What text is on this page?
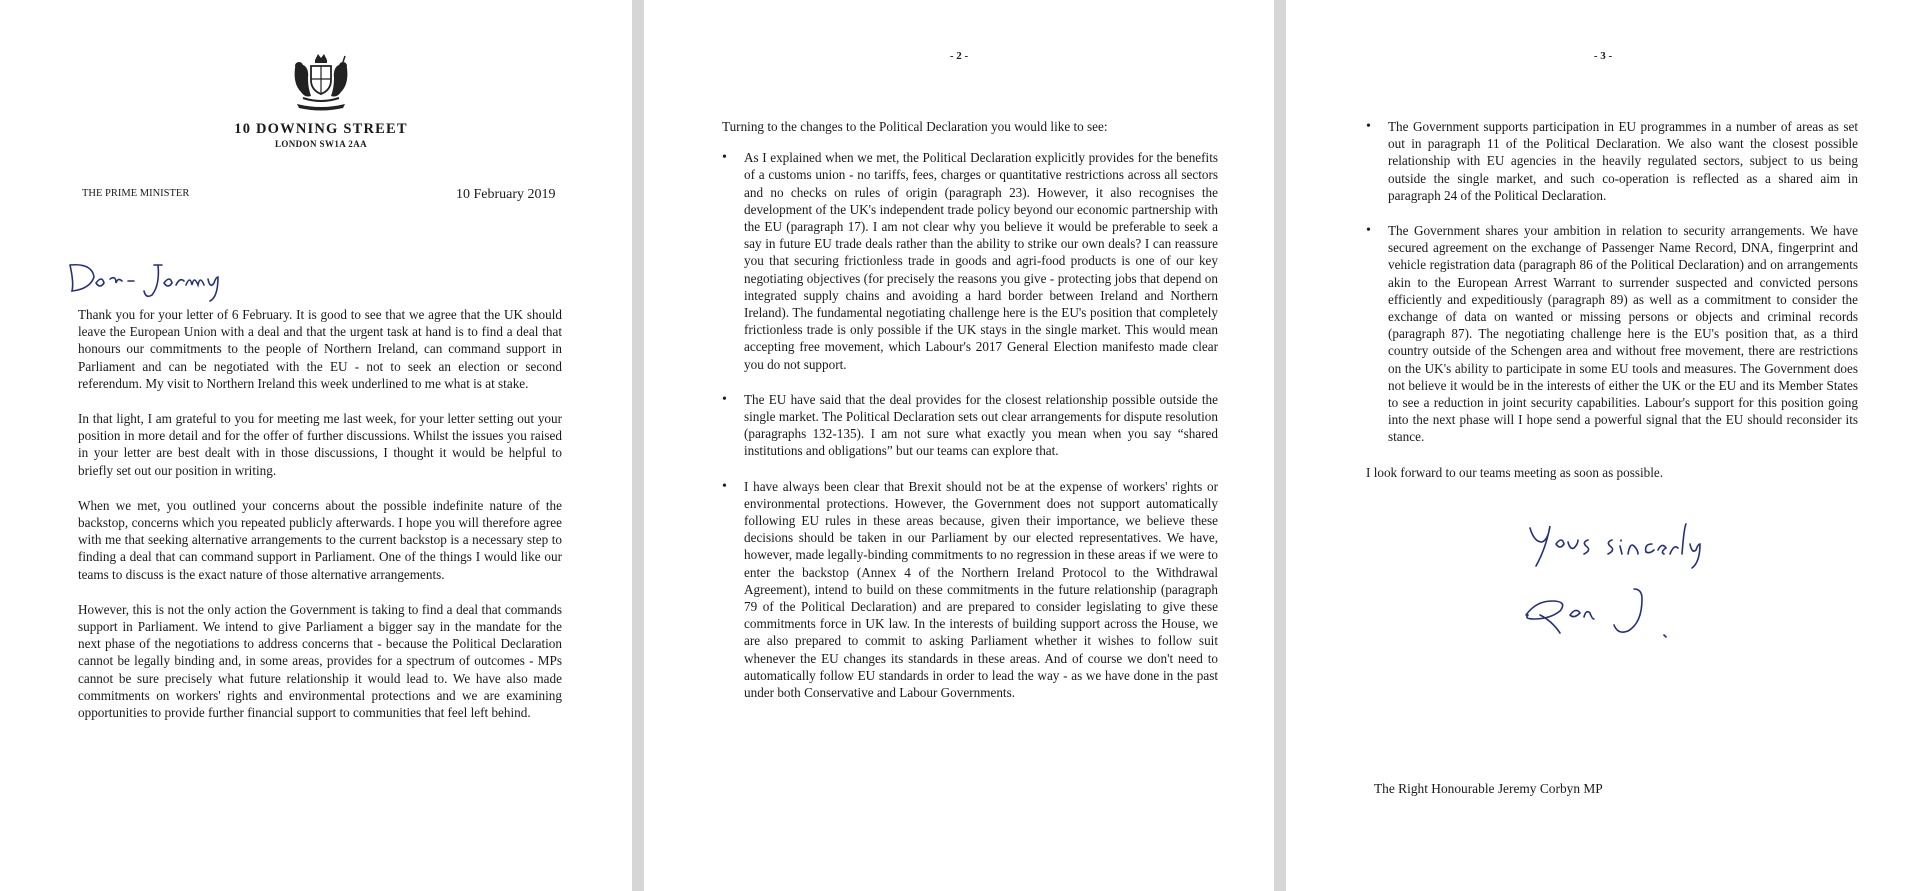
10 DOWNING STREET
LONDON SW1A 2AA
THE PRIME MINISTER	10 February 2019

Thank you for your letter of 6 February. It is good to see that we agree that the UK should leave the European Union with a deal and that the urgent task at hand is to find a deal that honours our commitments to the people of Northern Ireland, can command support in Parliament and can be negotiated with the EU - not to seek an election or second referendum. My visit to Northern Ireland this week underlined to me what is at stake.

In that light, I am grateful to you for meeting me last week, for your letter setting out your position in more detail and for the offer of further discussions. Whilst the issues you raised in your letter are best dealt with in those discussions, I thought it would be helpful to briefly set out our position in writing.

When we met, you outlined your concerns about the possible indefinite nature of the backstop, concerns which you repeated publicly afterwards. I hope you will therefore agree with me that seeking alternative arrangements to the current backstop is a necessary step to finding a deal that can command support in Parliament. One of the things I would like our teams to discuss is the exact nature of those alternative arrangements.

However, this is not the only action the Government is taking to find a deal that commands support in Parliament. We intend to give Parliament a bigger say in the mandate for the next phase of the negotiations to address concerns that - because the Political Declaration cannot be legally binding and, in some areas, provides for a spectrum of outcomes - MPs cannot be sure precisely what future relationship it would lead to. We have also made commitments on workers' rights and environmental protections and we are examining opportunities to provide further financial support to communities that feel left behind.

- 2 -

Turning to the changes to the Political Declaration you would like to see:

• As I explained when we met, the Political Declaration explicitly provides for the benefits of a customs union - no tariffs, fees, charges or quantitative restrictions across all sectors and no checks on rules of origin (paragraph 23). However, it also recognises the development of the UK's independent trade policy beyond our economic partnership with the EU (paragraph 17). I am not clear why you believe it would be preferable to seek a say in future EU trade deals rather than the ability to strike our own deals? I can reassure you that securing frictionless trade in goods and agri-food products is one of our key negotiating objectives (for precisely the reasons you give - protecting jobs that depend on integrated supply chains and avoiding a hard border between Ireland and Northern Ireland). The fundamental negotiating challenge here is the EU's position that completely frictionless trade is only possible if the UK stays in the single market. This would mean accepting free movement, which Labour's 2017 General Election manifesto made clear you do not support.
• The EU have said that the deal provides for the closest relationship possible outside the single market. The Political Declaration sets out clear arrangements for dispute resolution (paragraphs 132-135). I am not sure what exactly you mean when you say “shared institutions and obligations” but our teams can explore that.
• I have always been clear that Brexit should not be at the expense of workers' rights or environmental protections. However, the Government does not support automatically following EU rules in these areas because, given their importance, we believe these decisions should be taken in our Parliament by our elected representatives. We have, however, made legally-binding commitments to no regression in these areas if we were to enter the backstop (Annex 4 of the Northern Ireland Protocol to the Withdrawal Agreement), intend to build on these commitments in the future relationship (paragraph 79 of the Political Declaration) and are prepared to consider legislating to give these commitments force in UK law. In the interests of building support across the House, we are also prepared to commit to asking Parliament whether it wishes to follow suit whenever the EU changes its standards in these areas. And of course we don't need to automatically follow EU standards in order to lead the way - as we have done in the past under both Conservative and Labour Governments.
- 3 -
• The Government supports participation in EU programmes in a number of areas as set out in paragraph 11 of the Political Declaration. We also want the closest possible relationship with EU agencies in the heavily regulated sectors, subject to us being outside the single market, and such co-operation is reflected as a shared aim in paragraph 24 of the Political Declaration.
• The Government shares your ambition in relation to security arrangements. We have secured agreement on the exchange of Passenger Name Record, DNA, fingerprint and vehicle registration data (paragraph 86 of the Political Declaration) and on arrangements akin to the European Arrest Warrant to surrender suspected and convicted persons efficiently and expeditiously (paragraph 89) as well as a commitment to consider the exchange of data on wanted or missing persons or objects and criminal records (paragraph 87). The negotiating challenge here is the EU's position that, as a third country outside of the Schengen area and without free movement, there are restrictions on the UK's ability to participate in some EU tools and measures. The Government does not believe it would be in the interests of either the UK or the EU and its Member States to see a reduction in joint security capabilities. Labour's support for this position going into the next phase will I hope send a powerful signal that the EU should reconsider its stance.

I look forward to our teams meeting as soon as possible.

The Right Honourable Jeremy Corbyn MP
